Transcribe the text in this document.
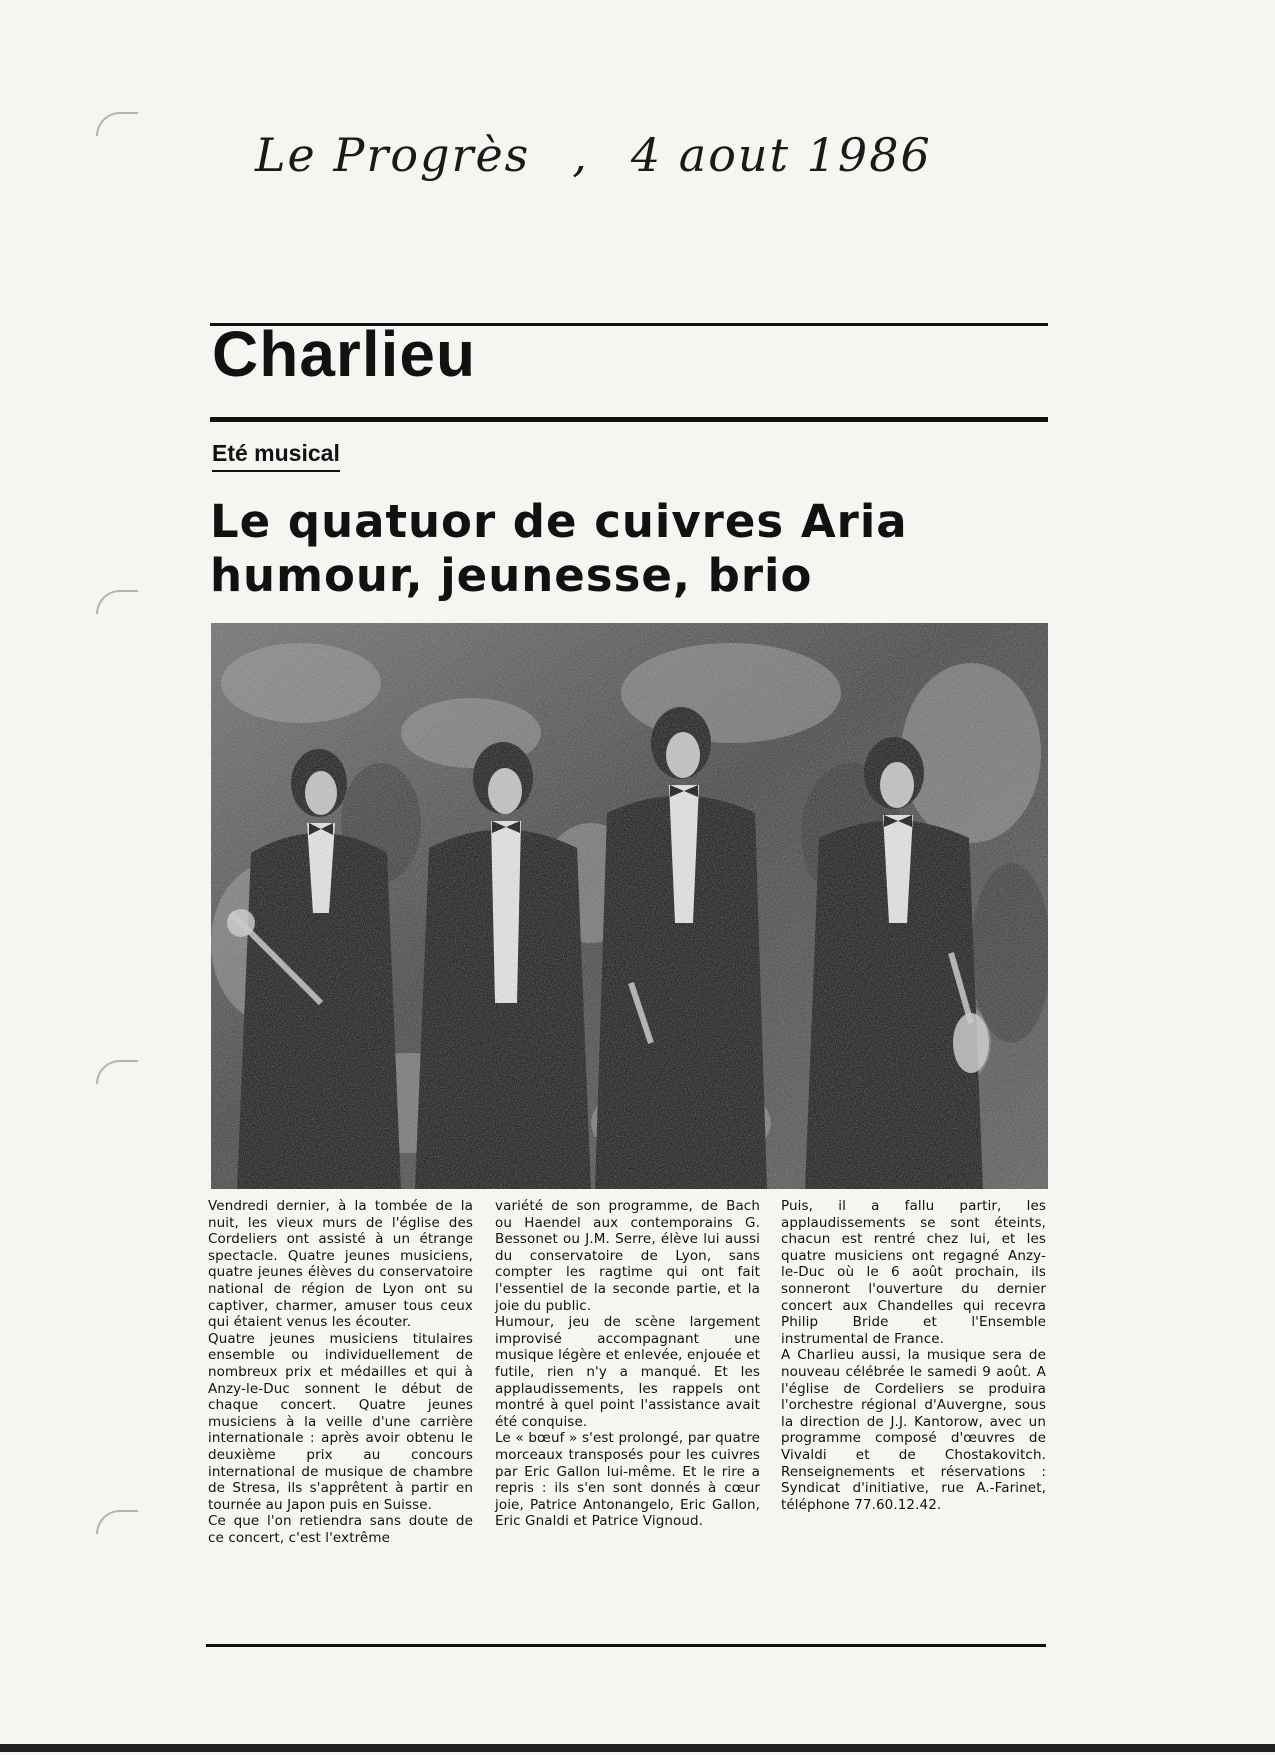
Le Progrès , 4 aout 1986
Charlieu
Eté musical
Le quatuor de cuivres Aria
humour, jeunesse, brio

Vendredi dernier, à la tombée de la nuit, les vieux murs de l'église des Cordeliers ont assisté à un étrange spectacle. Quatre jeunes musiciens, quatre jeunes élèves du conservatoire national de région de Lyon ont su captiver, charmer, amuser tous ceux qui étaient venus les écouter.

Quatre jeunes musiciens titulaires ensemble ou individuellement de nombreux prix et médailles et qui à Anzy-le-Duc sonnent le début de chaque concert. Quatre jeunes musiciens à la veille d'une carrière internationale : après avoir obtenu le deuxième prix au concours international de musique de chambre de Stresa, ils s'apprêtent à partir en tournée au Japon puis en Suisse.

Ce que l'on retiendra sans doute de ce concert, c'est l'extrême

variété de son programme, de Bach ou Haendel aux contemporains G. Bessonet ou J.M. Serre, élève lui aussi du conservatoire de Lyon, sans compter les ragtime qui ont fait l'essentiel de la seconde partie, et la joie du public.

Humour, jeu de scène largement improvisé accompagnant une musique légère et enlevée, enjouée et futile, rien n'y a manqué. Et les applaudissements, les rappels ont montré à quel point l'assistance avait été conquise.

Le « bœuf » s'est prolongé, par quatre morceaux transposés pour les cuivres par Eric Gallon lui-même. Et le rire a repris : ils s'en sont donnés à cœur joie, Patrice Antonangelo, Eric Gallon, Eric Gnaldi et Patrice Vignoud.

Puis, il a fallu partir, les applaudissements se sont éteints, chacun est rentré chez lui, et les quatre musiciens ont regagné Anzy-le-Duc où le 6 août prochain, ils sonneront l'ouverture du dernier concert aux Chandelles qui recevra Philip Bride et l'Ensemble instrumental de France.

A Charlieu aussi, la musique sera de nouveau célébrée le samedi 9 août. A l'église de Cordeliers se produira l'orchestre régional d'Auvergne, sous la direction de J.J. Kantorow, avec un programme composé d'œuvres de Vivaldi et de Chostakovitch. Renseignements et réservations : Syndicat d'initiative, rue A.-Farinet, téléphone 77.60.12.42.
